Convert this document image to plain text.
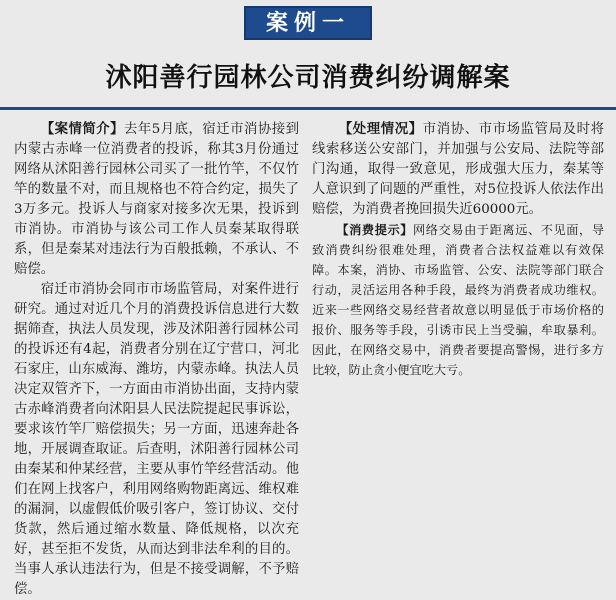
案例一
沭阳善行园林公司消费纠纷调解案

【案情简介】去年5月底，宿迁市消协接到内蒙古赤峰一位消费者的投诉，称其3月份通过网络从沭阳善行园林公司买了一批竹竿，不仅竹竿的数量不对，而且规格也不符合约定，损失了3万多元。投诉人与商家对接多次无果，投诉到市消协。市消协与该公司工作人员秦某取得联系，但是秦某对违法行为百般抵赖，不承认、不赔偿。

宿迁市消协会同市市场监管局，对案件进行研究。通过对近几个月的消费投诉信息进行大数据筛查，执法人员发现，涉及沭阳善行园林公司的投诉还有4起，消费者分别在辽宁营口，河北石家庄，山东威海、潍坊，内蒙赤峰。执法人员决定双管齐下，一方面由市消协出面，支持内蒙古赤峰消费者向沭阳县人民法院提起民事诉讼，要求该竹竿厂赔偿损失；另一方面，迅速奔赴各地，开展调查取证。后查明，沭阳善行园林公司由秦某和仲某经营，主要从事竹竿经营活动。他们在网上找客户，利用网络购物距离远、维权难的漏洞，以虚假低价吸引客户，签订协议、交付货款，然后通过缩水数量、降低规格，以次充好，甚至拒不发货，从而达到非法牟利的目的。当事人承认违法行为，但是不接受调解，不予赔偿。

【处理情况】市消协、市市场监管局及时将线索移送公安部门，并加强与公安局、法院等部门沟通，取得一致意见，形成强大压力，秦某等人意识到了问题的严重性，对5位投诉人依法作出赔偿，为消费者挽回损失近60000元。

【消费提示】网络交易由于距离远、不见面，导致消费纠纷很难处理，消费者合法权益难以有效保障。本案，消协、市场监管、公安、法院等部门联合行动，灵活运用各种手段，最终为消费者成功维权。近来一些网络交易经营者故意以明显低于市场价格的报价、服务等手段，引诱市民上当受骗，牟取暴利。因此，在网络交易中，消费者要提高警惕，进行多方比较，防止贪小便宜吃大亏。
